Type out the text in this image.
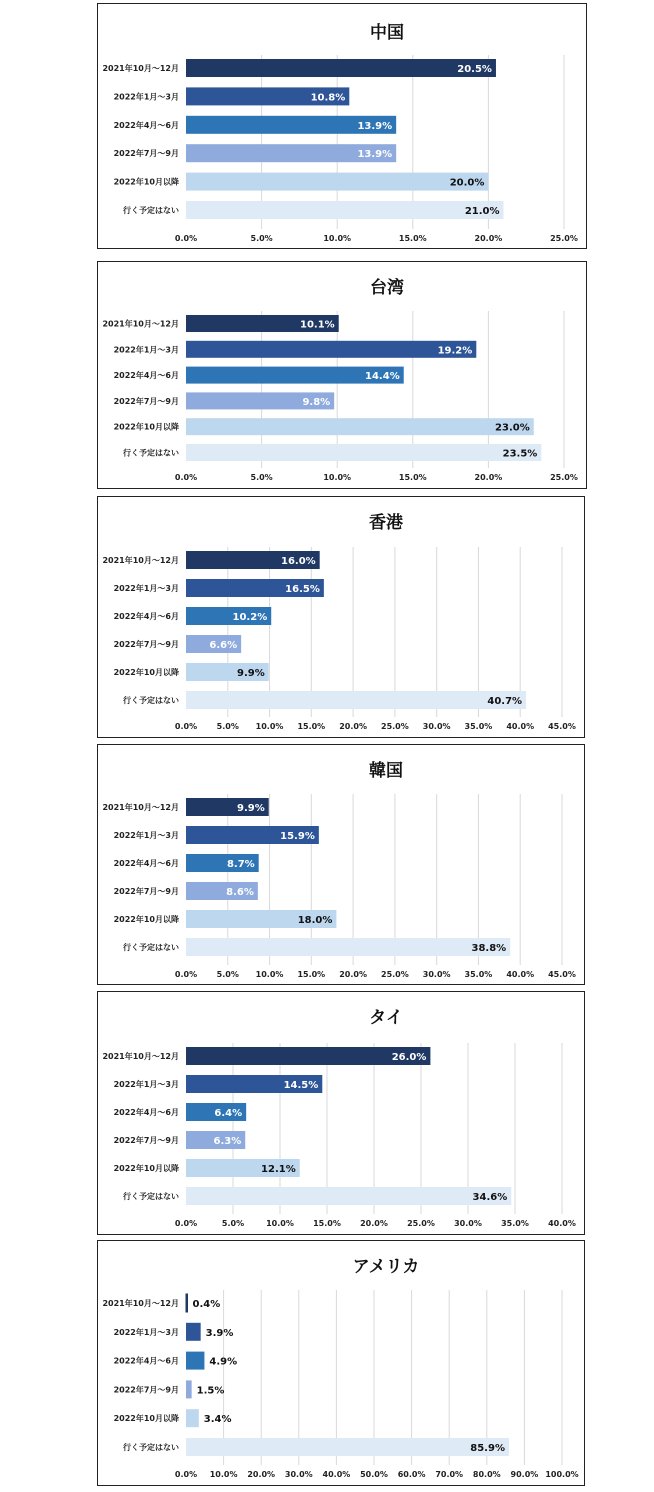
0.0%	5.0%	10.0%	15.0%	20.0%	25.0%
中国
2021年10月～12月	20.5%
2022年1月～3月	10.8%
2022年4月～6月	13.9%
2022年7月～9月	13.9%
2022年10月以降	20.0%
行く予定はない	21.0%
0.0%	5.0%	10.0%	15.0%	20.0%	25.0%
台湾
2021年10月～12月	10.1%
2022年1月～3月	19.2%
2022年4月～6月	14.4%
2022年7月～9月	9.8%
2022年10月以降	23.0%
行く予定はない	23.5%
0.0% 5.0% 10.0% 15.0% 20.0% 25.0% 30.0% 35.0% 40.0% 45.0%
香港
2021年10月～12月	16.0%
2022年1月～3月	16.5%
2022年4月～6月	10.2%
2022年7月～9月	6.6%
2022年10月以降	9.9%
行く予定はない	40.7%
0.0% 5.0% 10.0% 15.0% 20.0% 25.0% 30.0% 35.0% 40.0% 45.0%
韓国
2021年10月～12月	9.9%
2022年1月～3月	15.9%
2022年4月～6月	8.7%
2022年7月～9月	8.6%
2022年10月以降	18.0%
行く予定はない	38.8%
0.0%	5.0%	10.0% 15.0% 20.0% 25.0% 30.0% 35.0% 40.0%
タイ
2021年10月～12月	26.0%
2022年1月～3月	14.5%
2022年4月～6月	6.4%
2022年7月～9月	6.3%
2022年10月以降	12.1%
行く予定はない	34.6%
0.0% 10.0% 20.0% 30.0% 40.0% 50.0% 60.0% 70.0% 80.0% 90.0% 100.0%
アメリカ
2021年10月～12月 0.4%
2022年1月～3月	3.9%
2022年4月～6月	4.9%
2022年7月～9月 1.5%
2022年10月以降 3.4%
行く予定はない	85.9%
